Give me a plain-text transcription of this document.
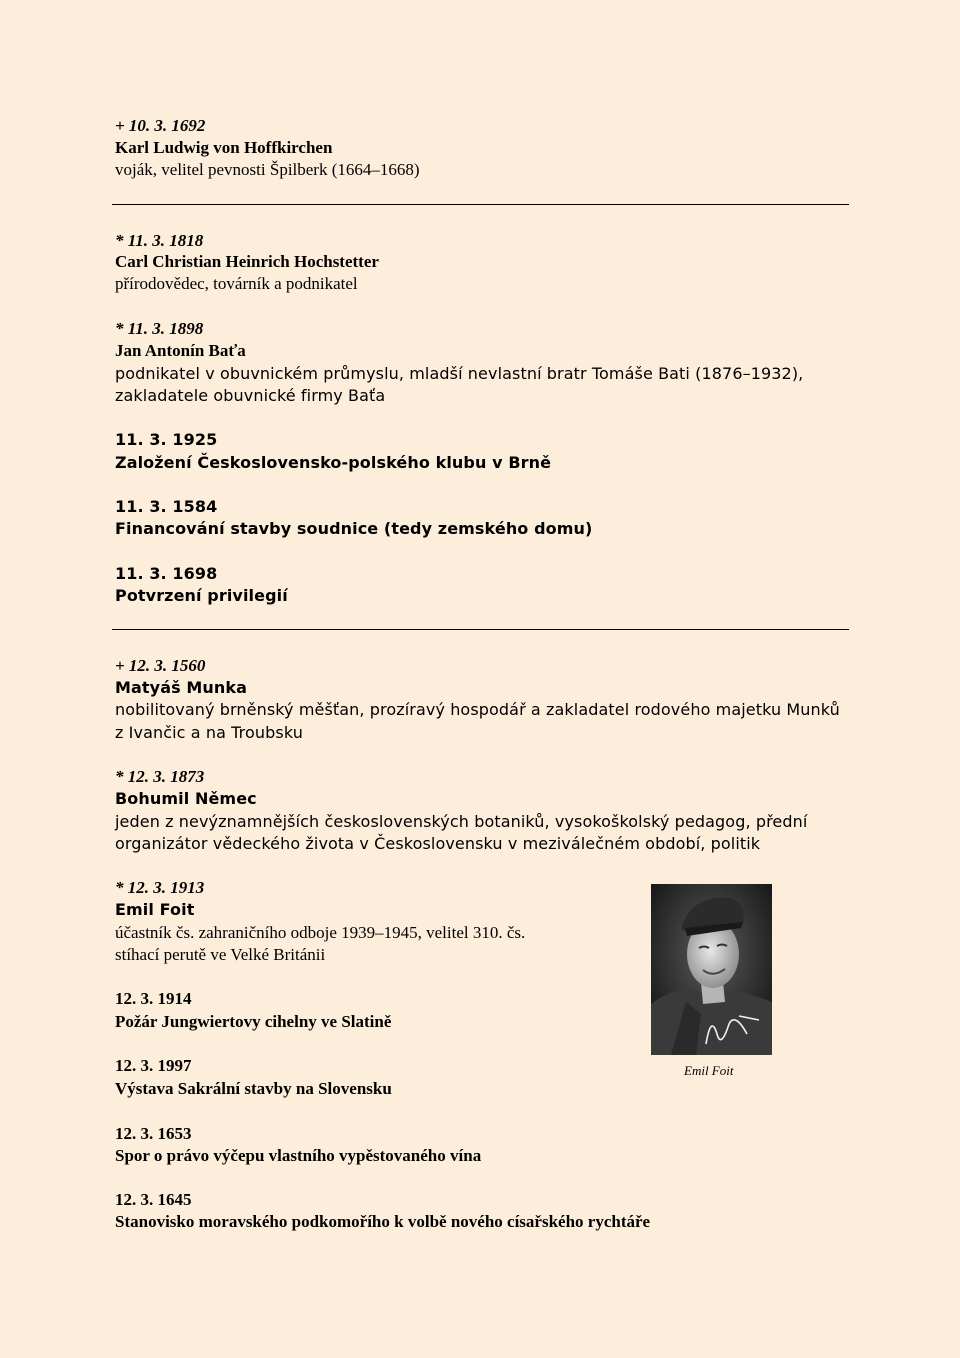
+ 10. 3. 1692
Karl Ludwig von Hoffkirchen
voják, velitel pevnosti Špilberk (1664–1668)
* 11. 3. 1818
Carl Christian Heinrich Hochstetter
přírodovědec, továrník a podnikatel
* 11. 3. 1898
Jan Antonín Baťa
podnikatel v obuvnickém průmyslu, mladší nevlastní bratr Tomáše Bati (1876–1932),
zakladatele obuvnické firmy Baťa
11. 3. 1925
Založení Československo-polského klubu v Brně
11. 3. 1584
Financování stavby soudnice (tedy zemského domu)
11. 3. 1698
Potvrzení privilegií
+ 12. 3. 1560
Matyáš Munka
nobilitovaný brněnský měšťan, prozíravý hospodář a zakladatel rodového majetku Munků
z Ivančic a na Troubsku
* 12. 3. 1873
Bohumil Němec
jeden z nevýznamnějších československých botaniků, vysokoškolský pedagog, přední
organizátor vědeckého života v Československu v meziválečném období, politik
* 12. 3. 1913
Emil Foit
účastník čs. zahraničního odboje 1939–1945, velitel 310. čs.
stíhací perutě ve Velké Británii
Emil Foit
12. 3. 1914
Požár Jungwiertovy cihelny ve Slatině
12. 3. 1997
Výstava Sakrální stavby na Slovensku
12. 3. 1653
Spor o právo výčepu vlastního vypěstovaného vína
12. 3. 1645
Stanovisko moravského podkomořího k volbě nového císařského rychtáře
